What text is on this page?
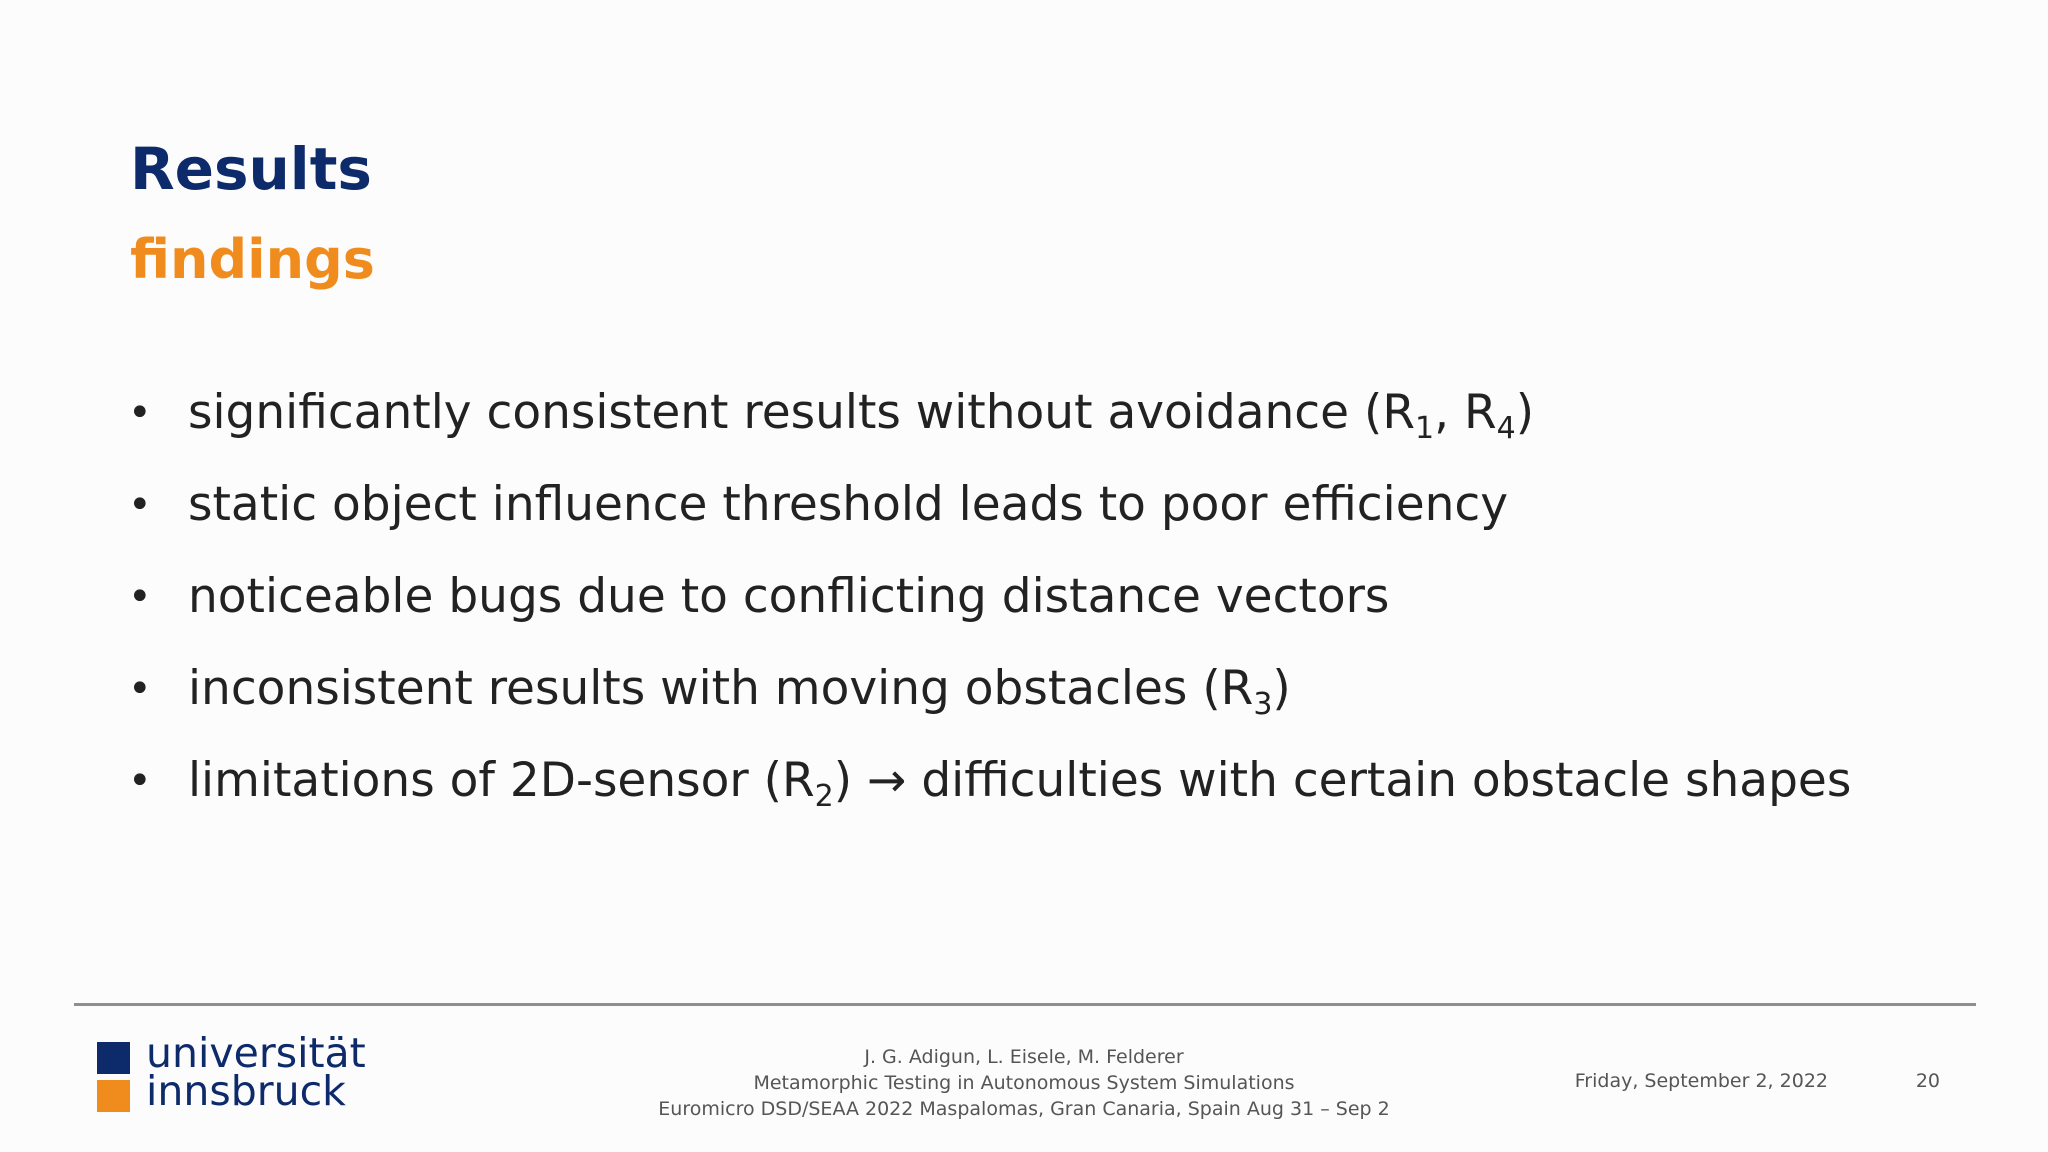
Results
findings
• significantly consistent results without avoidance ($R_1$, $R_4$)
• static object influence threshold leads to poor efficiency
• noticeable bugs due to conflicting distance vectors
• inconsistent results with moving obstacles $(R_3)$
• limitations of 2D-sensor $(R_2)$ → difficulties with certain obstacle shapes
universität
innsbruck
J. G. Adigun, L. Eisele, M. Felderer
Metamorphic Testing in Autonomous System Simulations
Euromicro DSD/SEAA 2022 Maspalomas, Gran Canaria, Spain Aug 31 – Sep 2
Friday, September 2, 2022	20
